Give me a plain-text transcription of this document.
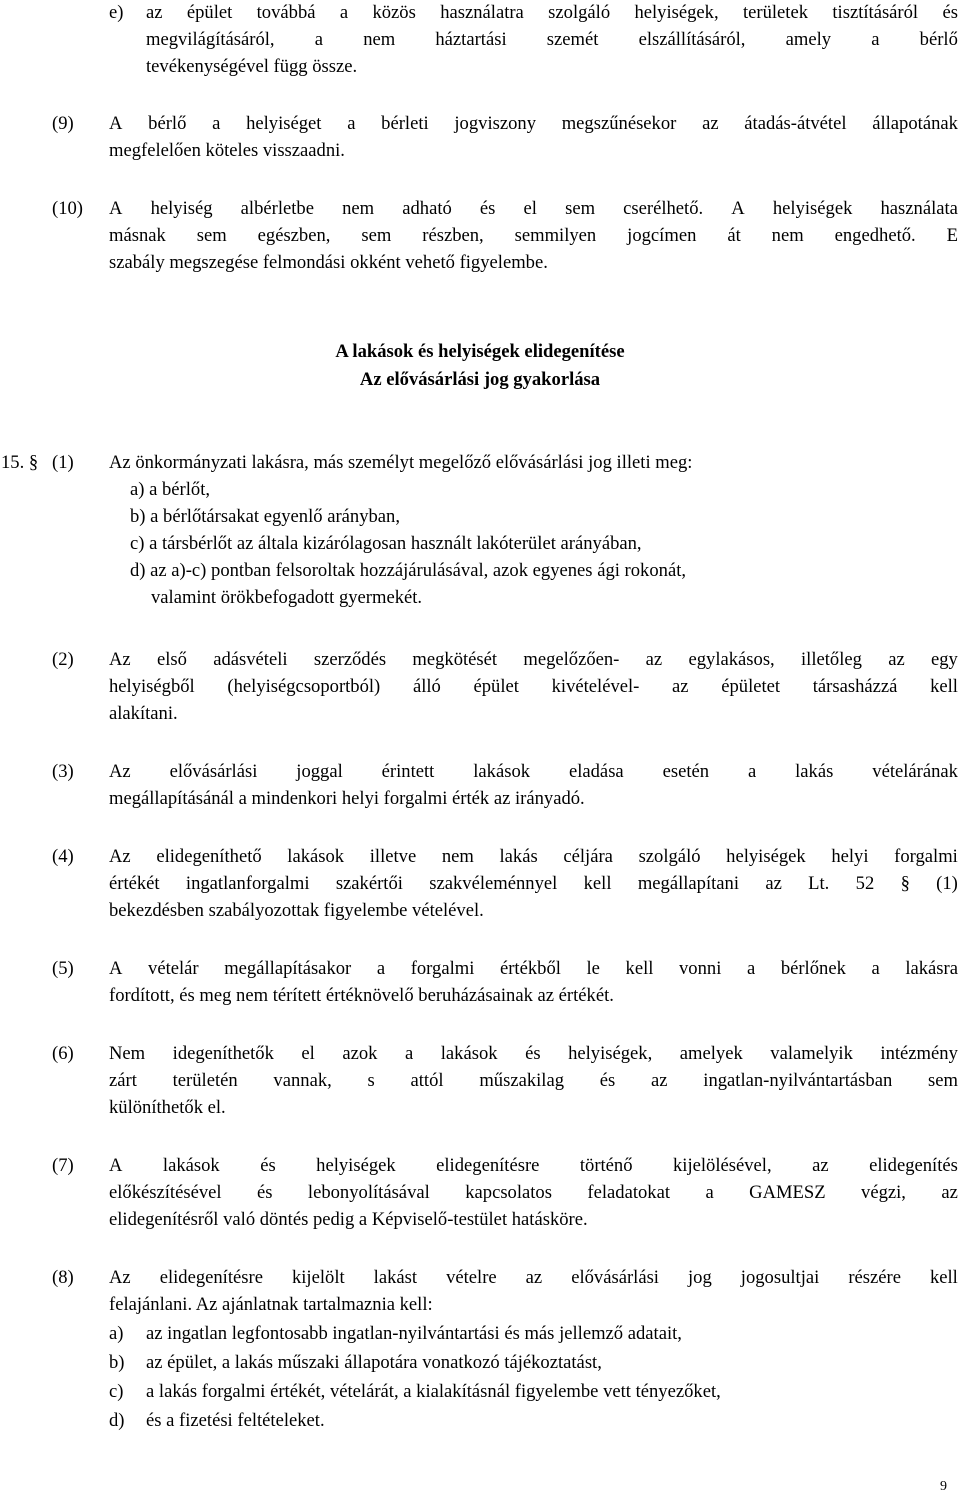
e) az épület továbbá a közös használatra szolgáló helyiségek, területek tisztításáról és
megvilágításáról, a nem háztartási szemét elszállításáról, amely a bérlő
tevékenységével függ össze.
(9) A bérlő a helyiséget a bérleti jogviszony megszűnésekor az átadás-átvétel állapotának
megfelelően köteles visszaadni.
(10) A helyiség albérletbe nem adható és el sem cserélhető. A helyiségek használata
másnak sem egészben, sem részben, semmilyen jogcímen át nem engedhető. E
szabály megszegése felmondási okként vehető figyelembe.
A lakások és helyiségek elidegenítése
Az elővásárlási jog gyakorlása
15. § (1) Az önkormányzati lakásra, más személyt megelőző elővásárlási jog illeti meg:
a) a bérlőt,
b) a bérlőtársakat egyenlő arányban,
c) a társbérlőt az általa kizárólagosan használt lakóterület arányában,
d) az a)-c) pontban felsoroltak hozzájárulásával, azok egyenes ági rokonát,
valamint örökbefogadott gyermekét.
(2) Az első adásvételi szerződés megkötését megelőzően- az egylakásos, illetőleg az egy
helyiségből (helyiségcsoportból) álló épület kivételével- az épületet társasházzá kell
alakítani.
(3) Az elővásárlási joggal érintett lakások eladása esetén a lakás vételárának
megállapításánál a mindenkori helyi forgalmi érték az irányadó.
(4) Az elidegeníthető lakások illetve nem lakás céljára szolgáló helyiségek helyi forgalmi
értékét ingatlanforgalmi szakértői szakvéleménnyel kell megállapítani az Lt. 52 § (1)
bekezdésben szabályozottak figyelembe vételével.
(5) A vételár megállapításakor a forgalmi értékből le kell vonni a bérlőnek a lakásra
fordított, és meg nem térített értéknövelő beruházásainak az értékét.
(6) Nem idegeníthetők el azok a lakások és helyiségek, amelyek valamelyik intézmény
zárt területén vannak, s attól műszakilag és az ingatlan-nyilvántartásban sem
különíthetők el.
(7) A lakások és helyiségek elidegenítésre történő kijelölésével, az elidegenítés
előkészítésével és lebonyolításával kapcsolatos feladatokat a GAMESZ végzi, az
elidegenítésről való döntés pedig a Képviselő-testület hatásköre.
(8) Az elidegenítésre kijelölt lakást vételre az elővásárlási jog jogosultjai részére kell
felajánlani. Az ajánlatnak tartalmaznia kell:
a) az ingatlan legfontosabb ingatlan-nyilvántartási és más jellemző adatait,
b) az épület, a lakás műszaki állapotára vonatkozó tájékoztatást,
c) a lakás forgalmi értékét, vételárát, a kialakításnál figyelembe vett tényezőket,
d) és a fizetési feltételeket.
9
